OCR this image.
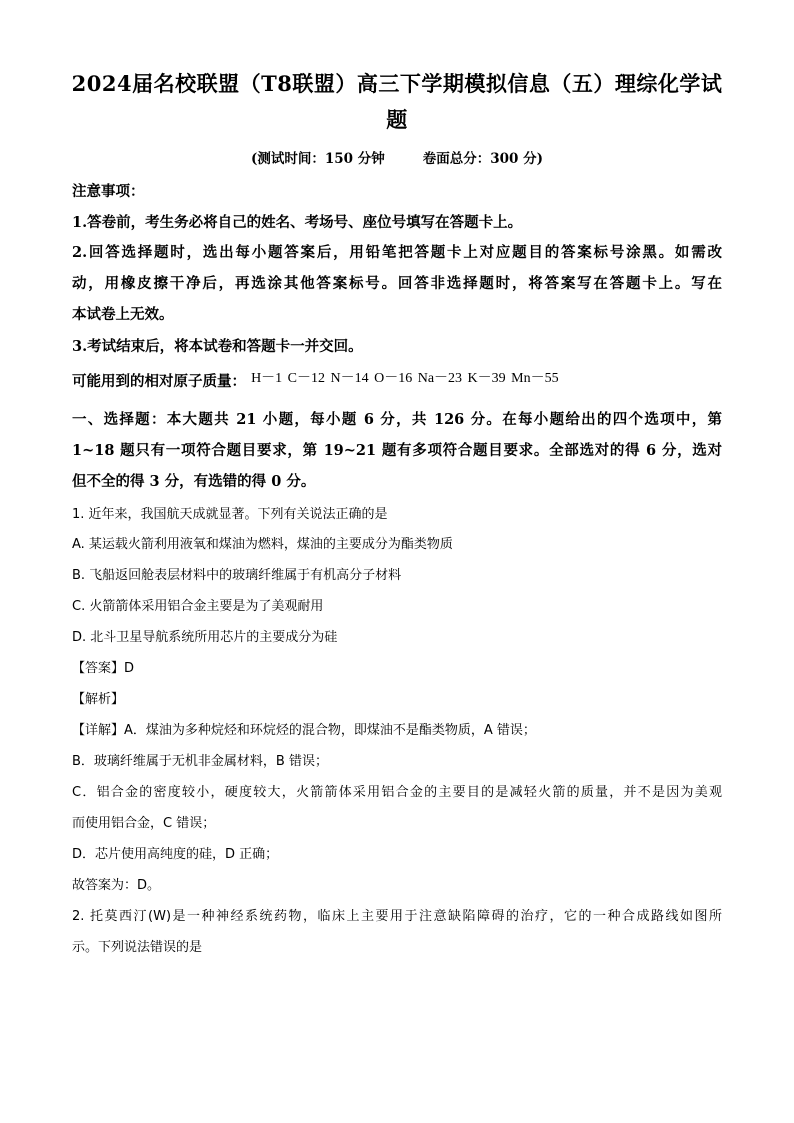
2024届名校联盟（T8联盟）高三下学期模拟信息（五）理综化学试
题
(测试时间：150 分钟	卷面总分：300 分)
注意事项：
1.答卷前，考生务必将自己的姓名、考场号、座位号填写在答题卡上。
2.回答选择题时，选出每小题答案后，用铅笔把答题卡上对应题目的答案标号涂黑。如需改
动，用橡皮擦干净后，再选涂其他答案标号。回答非选择题时，将答案写在答题卡上。写在
本试卷上无效。
3.考试结束后，将本试卷和答题卡一并交回。
可能用到的相对原子质量： H－1 C－12 N－14 O－16 Na－23 K－39 Mn－55
一、选择题：本大题共 21 小题，每小题 6 分，共 126 分。在每小题给出的四个选项中，第
1~18 题只有一项符合题目要求，第 19~21 题有多项符合题目要求。全部选对的得 6 分，选对
但不全的得 3 分，有选错的得 0 分。
1. 近年来，我国航天成就显著。下列有关说法正确的是
A. 某运载火箭利用液氧和煤油为燃料，煤油的主要成分为酯类物质
B. 飞船返回舱表层材料中的玻璃纤维属于有机高分子材料
C. 火箭箭体采用铝合金主要是为了美观耐用
D. 北斗卫星导航系统所用芯片的主要成分为硅
【答案】D
【解析】
【详解】A．煤油为多种烷烃和环烷烃的混合物，即煤油不是酯类物质，A 错误；
B．玻璃纤维属于无机非金属材料，B 错误；
C．铝合金的密度较小，硬度较大，火箭箭体采用铝合金的主要目的是减轻火箭的质量，并不是因为美观
而使用铝合金，C 错误；
D．芯片使用高纯度的硅，D 正确；
故答案为：D。
2. 托莫西汀(W)是一种神经系统药物，临床上主要用于注意缺陷障碍的治疗，它的一种合成路线如图所
示。下列说法错误的是
